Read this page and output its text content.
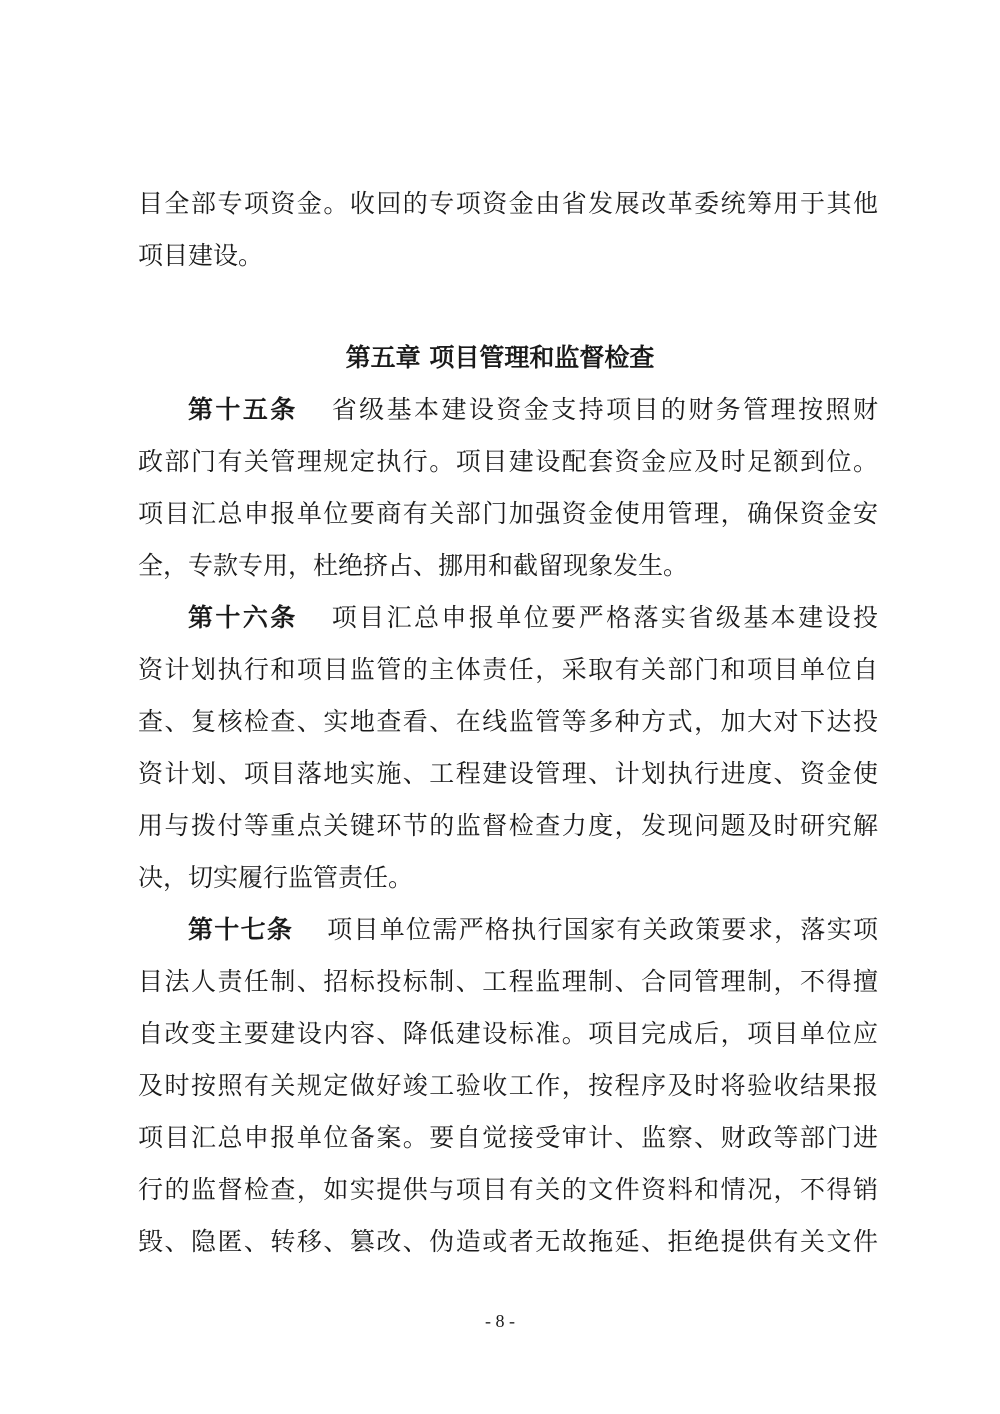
目全部专项资金。收回的专项资金由省发展改革委统筹用于其他
项目建设。
第五章 项目管理和监督检查
第十五条 省级基本建设资金支持项目的财务管理按照财
政部门有关管理规定执行。项目建设配套资金应及时足额到位。
项目汇总申报单位要商有关部门加强资金使用管理，确保资金安
全，专款专用，杜绝挤占、挪用和截留现象发生。
第十六条 项目汇总申报单位要严格落实省级基本建设投
资计划执行和项目监管的主体责任，采取有关部门和项目单位自
查、复核检查、实地查看、在线监管等多种方式，加大对下达投
资计划、项目落地实施、工程建设管理、计划执行进度、资金使
用与拨付等重点关键环节的监督检查力度，发现问题及时研究解
决，切实履行监管责任。
第十七条 项目单位需严格执行国家有关政策要求，落实项
目法人责任制、招标投标制、工程监理制、合同管理制，不得擅
自改变主要建设内容、降低建设标准。项目完成后，项目单位应
及时按照有关规定做好竣工验收工作，按程序及时将验收结果报
项目汇总申报单位备案。要自觉接受审计、监察、财政等部门进
行的监督检查，如实提供与项目有关的文件资料和情况，不得销
毁、隐匿、转移、篡改、伪造或者无故拖延、拒绝提供有关文件
- 8 -
